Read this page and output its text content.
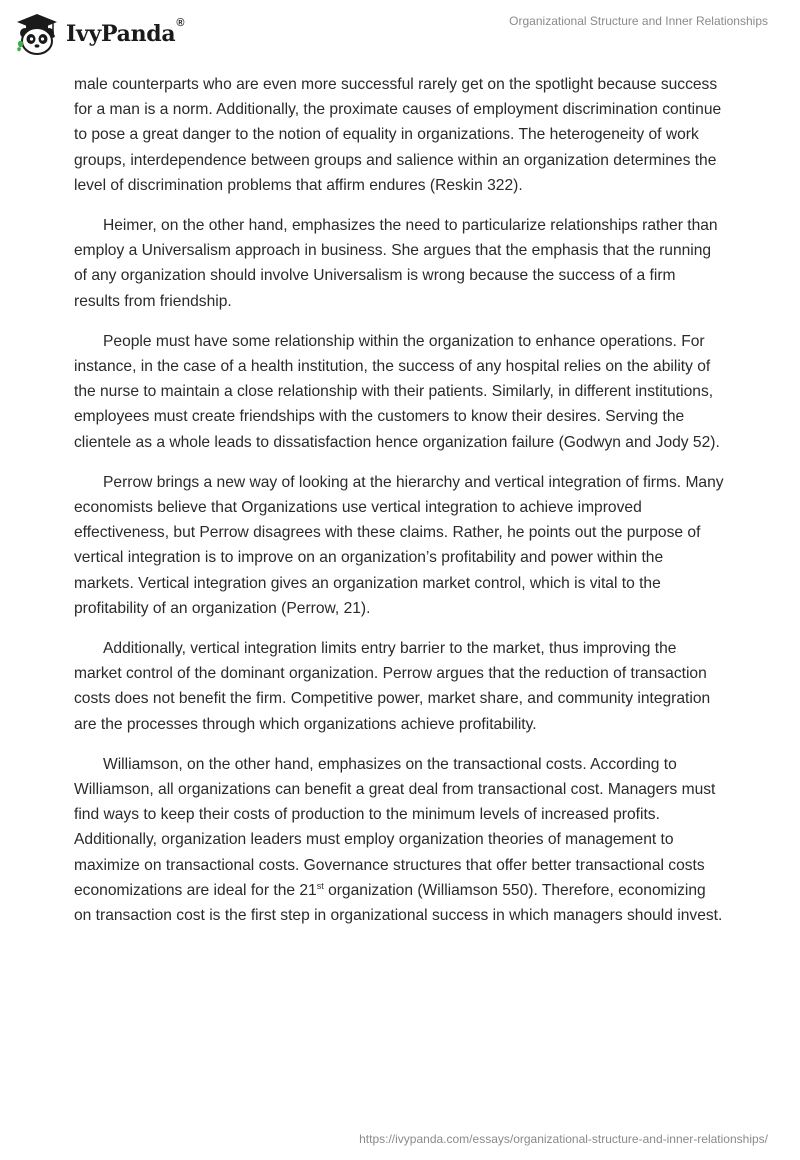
IvyPanda®	Organizational Structure and Inner Relationships

male counterparts who are even more successful rarely get on the spotlight because success for a man is a norm. Additionally, the proximate causes of employment discrimination continue to pose a great danger to the notion of equality in organizations. The heterogeneity of work groups, interdependence between groups and salience within an organization determines the level of discrimination problems that affirm endures (Reskin 322).

Heimer, on the other hand, emphasizes the need to particularize relationships rather than employ a Universalism approach in business. She argues that the emphasis that the running of any organization should involve Universalism is wrong because the success of a firm results from friendship.

People must have some relationship within the organization to enhance operations. For instance, in the case of a health institution, the success of any hospital relies on the ability of the nurse to maintain a close relationship with their patients. Similarly, in different institutions, employees must create friendships with the customers to know their desires. Serving the clientele as a whole leads to dissatisfaction hence organization failure (Godwyn and Jody 52).

Perrow brings a new way of looking at the hierarchy and vertical integration of firms. Many economists believe that Organizations use vertical integration to achieve improved effectiveness, but Perrow disagrees with these claims. Rather, he points out the purpose of vertical integration is to improve on an organization’s profitability and power within the markets. Vertical integration gives an organization market control, which is vital to the profitability of an organization (Perrow, 21).

Additionally, vertical integration limits entry barrier to the market, thus improving the market control of the dominant organization. Perrow argues that the reduction of transaction costs does not benefit the firm. Competitive power, market share, and community integration are the processes through which organizations achieve profitability.

Williamson, on the other hand, emphasizes on the transactional costs. According to Williamson, all organizations can benefit a great deal from transactional cost. Managers must find ways to keep their costs of production to the minimum levels of increased profits. Additionally, organization leaders must employ organization theories of management to maximize on transactional costs. Governance structures that offer better transactional costs economizations are ideal for the 21st organization (Williamson 550). Therefore, economizing on transaction cost is the first step in organizational success in which managers should invest.

https://ivypanda.com/essays/organizational-structure-and-inner-relationships/
